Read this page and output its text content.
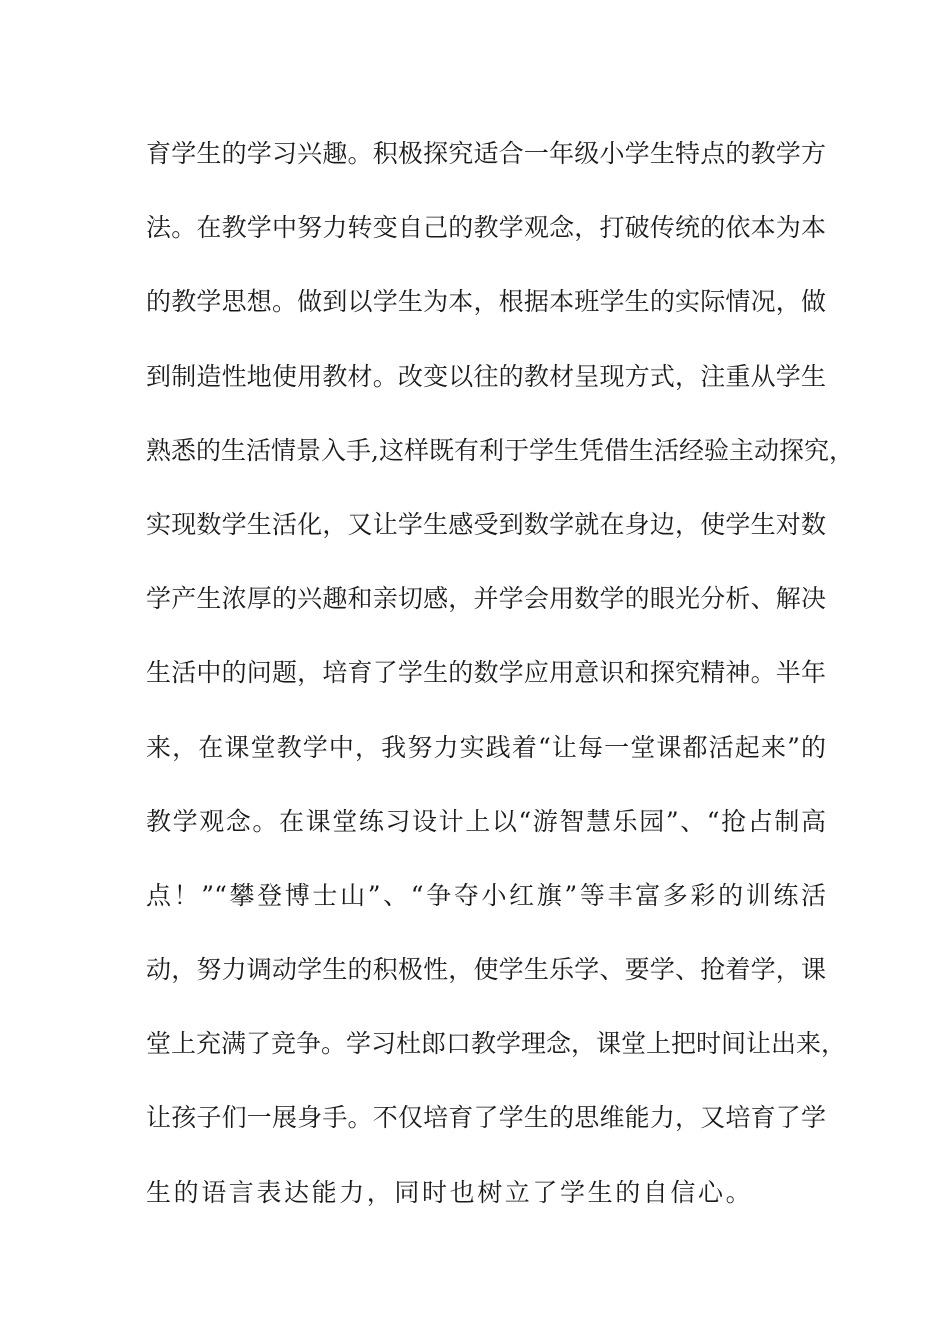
育学生的学习兴趣。积极探究适合一年级小学生特点的教学方
法。在教学中努力转变自己的教学观念，打破传统的依本为本
的教学思想。做到以学生为本，根据本班学生的实际情况，做
到制造性地使用教材。改变以往的教材呈现方式，注重从学生
熟悉的生活情景入手,这样既有利于学生凭借生活经验主动探究，
实现数学生活化，又让学生感受到数学就在身边，使学生对数
学产生浓厚的兴趣和亲切感，并学会用数学的眼光分析、解决
生活中的问题，培育了学生的数学应用意识和探究精神。半年
来，在课堂教学中，我努力实践着“让每一堂课都活起来”的
教学观念。在课堂练习设计上以“游智慧乐园”、“抢占制高
点！”“攀登博士山”、“争夺小红旗”等丰富多彩的训练活
动，努力调动学生的积极性，使学生乐学、要学、抢着学，课
堂上充满了竞争。学习杜郎口教学理念，课堂上把时间让出来，
让孩子们一展身手。不仅培育了学生的思维能力，又培育了学
生的语言表达能力，同时也树立了学生的自信心。
